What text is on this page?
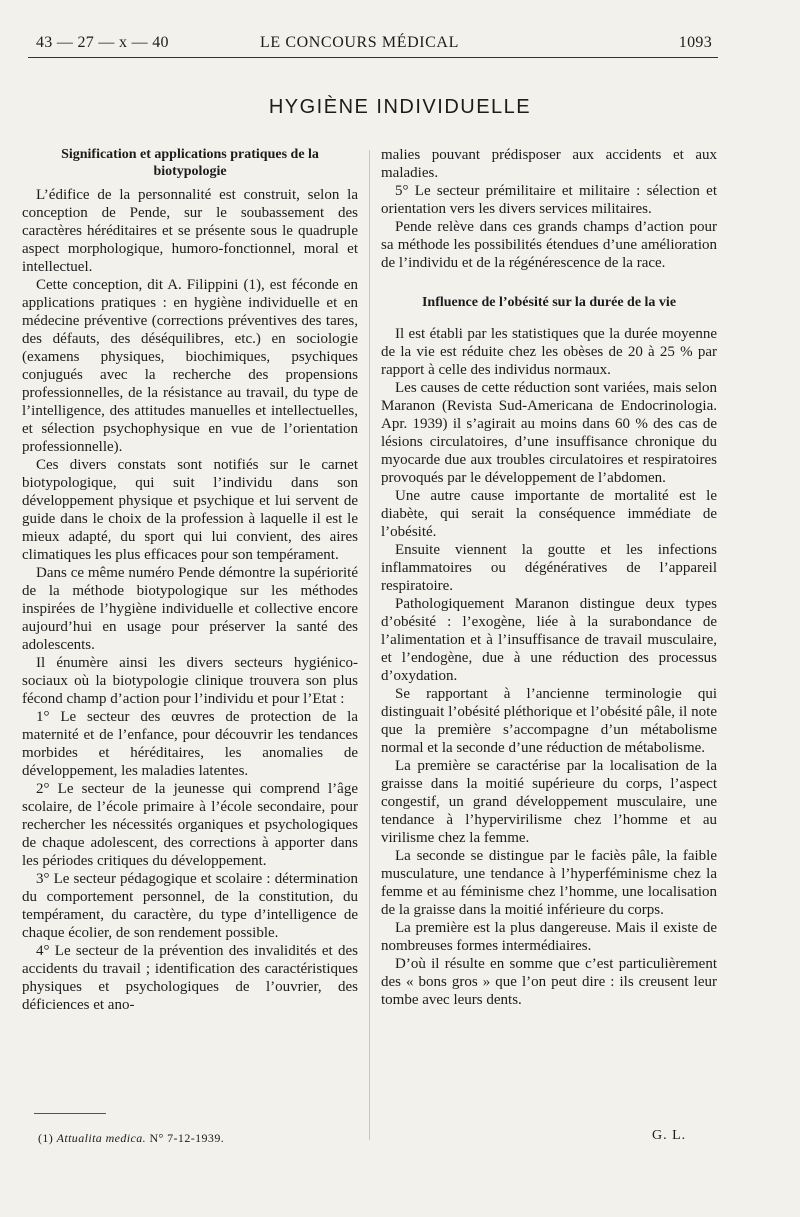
43 — 27 — x — 40	LE CONCOURS MÉDICAL	1093
HYGIÈNE INDIVIDUELLE
Signification et applications pratiques de la biotypologie

L’édifice de la personnalité est construit, selon la conception de Pende, sur le soubassement des caractères héréditaires et se présente sous le quadruple aspect morphologique, humoro-fonctionnel, moral et intellectuel.

Cette conception, dit A. Filippini (1), est féconde en applications pratiques : en hygiène individuelle et en médecine préventive (corrections préventives des tares, des défauts, des déséquilibres, etc.) en sociologie (examens physiques, biochimiques, psychiques conjugués avec la recherche des propensions professionnelles, de la résistance au travail, du type de l’intelligence, des attitudes manuelles et intellectuelles, et sélection psychophysique en vue de l’orientation professionnelle).

Ces divers constats sont notifiés sur le carnet biotypologique, qui suit l’individu dans son développement physique et psychique et lui servent de guide dans le choix de la profession à laquelle il est le mieux adapté, du sport qui lui convient, des aires climatiques les plus efficaces pour son tempérament.

Dans ce même numéro Pende démontre la supériorité de la méthode biotypologique sur les méthodes inspirées de l’hygiène individuelle et collective encore aujourd’hui en usage pour préserver la santé des adolescents.

Il énumère ainsi les divers secteurs hygiénico-sociaux où la biotypologie clinique trouvera son plus fécond champ d’action pour l’individu et pour l’Etat :

1° Le secteur des œuvres de protection de la maternité et de l’enfance, pour découvrir les tendances morbides et héréditaires, les anomalies de développement, les maladies latentes.

2° Le secteur de la jeunesse qui comprend l’âge scolaire, de l’école primaire à l’école secondaire, pour rechercher les nécessités organiques et psychologiques de chaque adolescent, des corrections à apporter dans les périodes critiques du développement.

3° Le secteur pédagogique et scolaire : détermination du comportement personnel, de la constitution, du tempérament, du caractère, du type d’intelligence de chaque écolier, de son rendement possible.

4° Le secteur de la prévention des invalidités et des accidents du travail ; identification des caractéristiques physiques et psychologiques de l’ouvrier, des déficiences et ano-

malies pouvant prédisposer aux accidents et aux maladies.

5° Le secteur prémilitaire et militaire : sélection et orientation vers les divers services militaires.

Pende relève dans ces grands champs d’action pour sa méthode les possibilités étendues d’une amélioration de l’individu et de la régénérescence de la race.

Influence de l’obésité sur la durée de la vie

Il est établi par les statistiques que la durée moyenne de la vie est réduite chez les obèses de 20 à 25 % par rapport à celle des individus normaux.

Les causes de cette réduction sont variées, mais selon Maranon (Revista Sud-Americana de Endocrinologia. Apr. 1939) il s’agirait au moins dans 60 % des cas de lésions circulatoires, d’une insuffisance chronique du myocarde due aux troubles circulatoires et respiratoires provoqués par le développement de l’abdomen.

Une autre cause importante de mortalité est le diabète, qui serait la conséquence immédiate de l’obésité.

Ensuite viennent la goutte et les infections inflammatoires ou dégénératives de l’appareil respiratoire.

Pathologiquement Maranon distingue deux types d’obésité : l’exogène, liée à la surabondance de l’alimentation et à l’insuffisance de travail musculaire, et l’endogène, due à une réduction des processus d’oxydation.

Se rapportant à l’ancienne terminologie qui distinguait l’obésité pléthorique et l’obésité pâle, il note que la première s’accompagne d’un métabolisme normal et la seconde d’une réduction de métabolisme.

La première se caractérise par la localisation de la graisse dans la moitié supérieure du corps, l’aspect congestif, un grand développement musculaire, une tendance à l’hypervirilisme chez l’homme et au virilisme chez la femme.

La seconde se distingue par le faciès pâle, la faible musculature, une tendance à l’hyperféminisme chez la femme et au féminisme chez l’homme, une localisation de la graisse dans la moitié inférieure du corps.

La première est la plus dangereuse. Mais il existe de nombreuses formes intermédiaires.

D’où il résulte en somme que c’est particulièrement des « bons gros » que l’on peut dire : ils creusent leur tombe avec leurs dents.

(1) Attualita medica. N° 7-12-1939.	G. L.
